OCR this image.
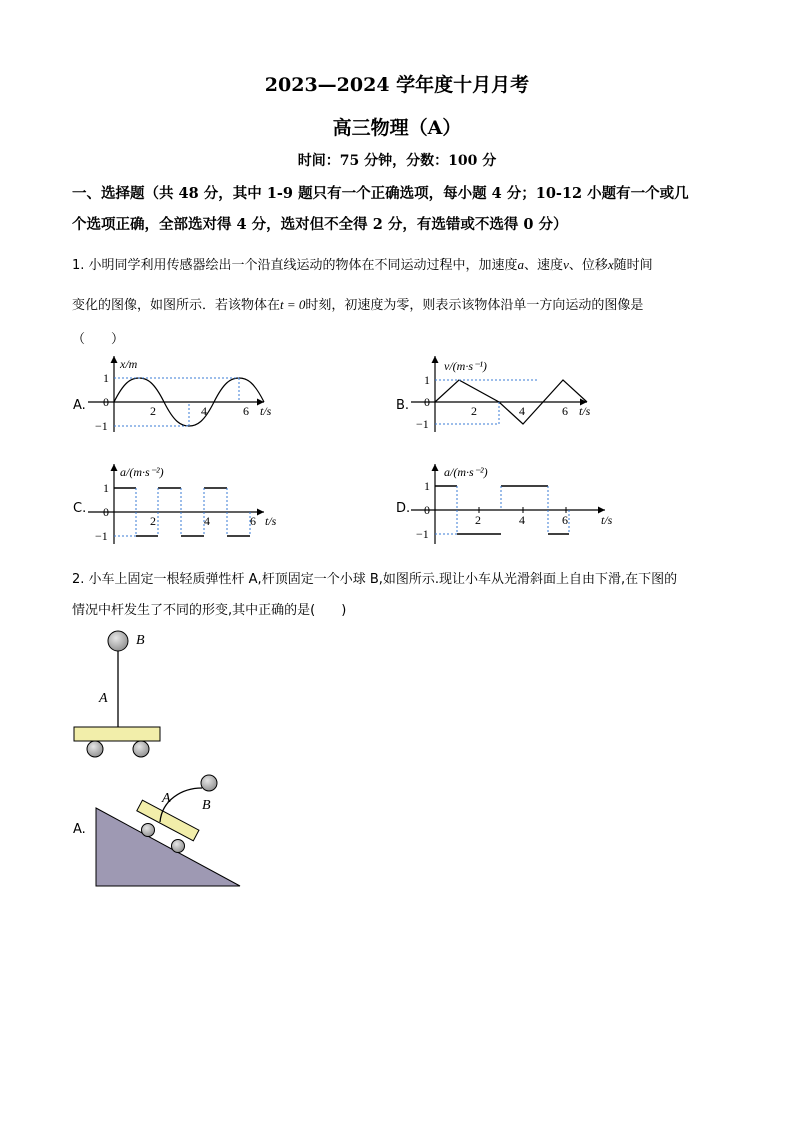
2023—2024 学年度十月月考
高三物理（A）
时间：75 分钟，分数：100 分
一、选择题（共 48 分，其中 1-9 题只有一个正确选项，每小题 4 分；10-12 小题有一个或几
个选项正确，全部选对得 4 分，选对但不全得 2 分，有选错或不选得 0 分）
1. 小明同学利用传感器绘出一个沿直线运动的物体在不同运动过程中，加速度a、速度v、位移x随时间
变化的图像，如图所示．若该物体在t = 0时刻，初速度为零，则表示该物体沿单一方向运动的图像是
（　　）
A.	B.
C.	D.
x/m
1
0
−1
2	4	6 t/s
v/(m·s⁻¹)
1
0
−1
2	4	6 t/s
a/(m·s⁻²)
1
0
−1
2	4	6 t/s
a/(m·s⁻²)
1
0
−1
2	4	6	t/s
2. 小车上固定一根轻质弹性杆 A,杆顶固定一个小球 B,如图所示.现让小车从光滑斜面上自由下滑,在下图的
情况中杆发生了不同的形变,其中正确的是(　　)
B
A
A.
A B
